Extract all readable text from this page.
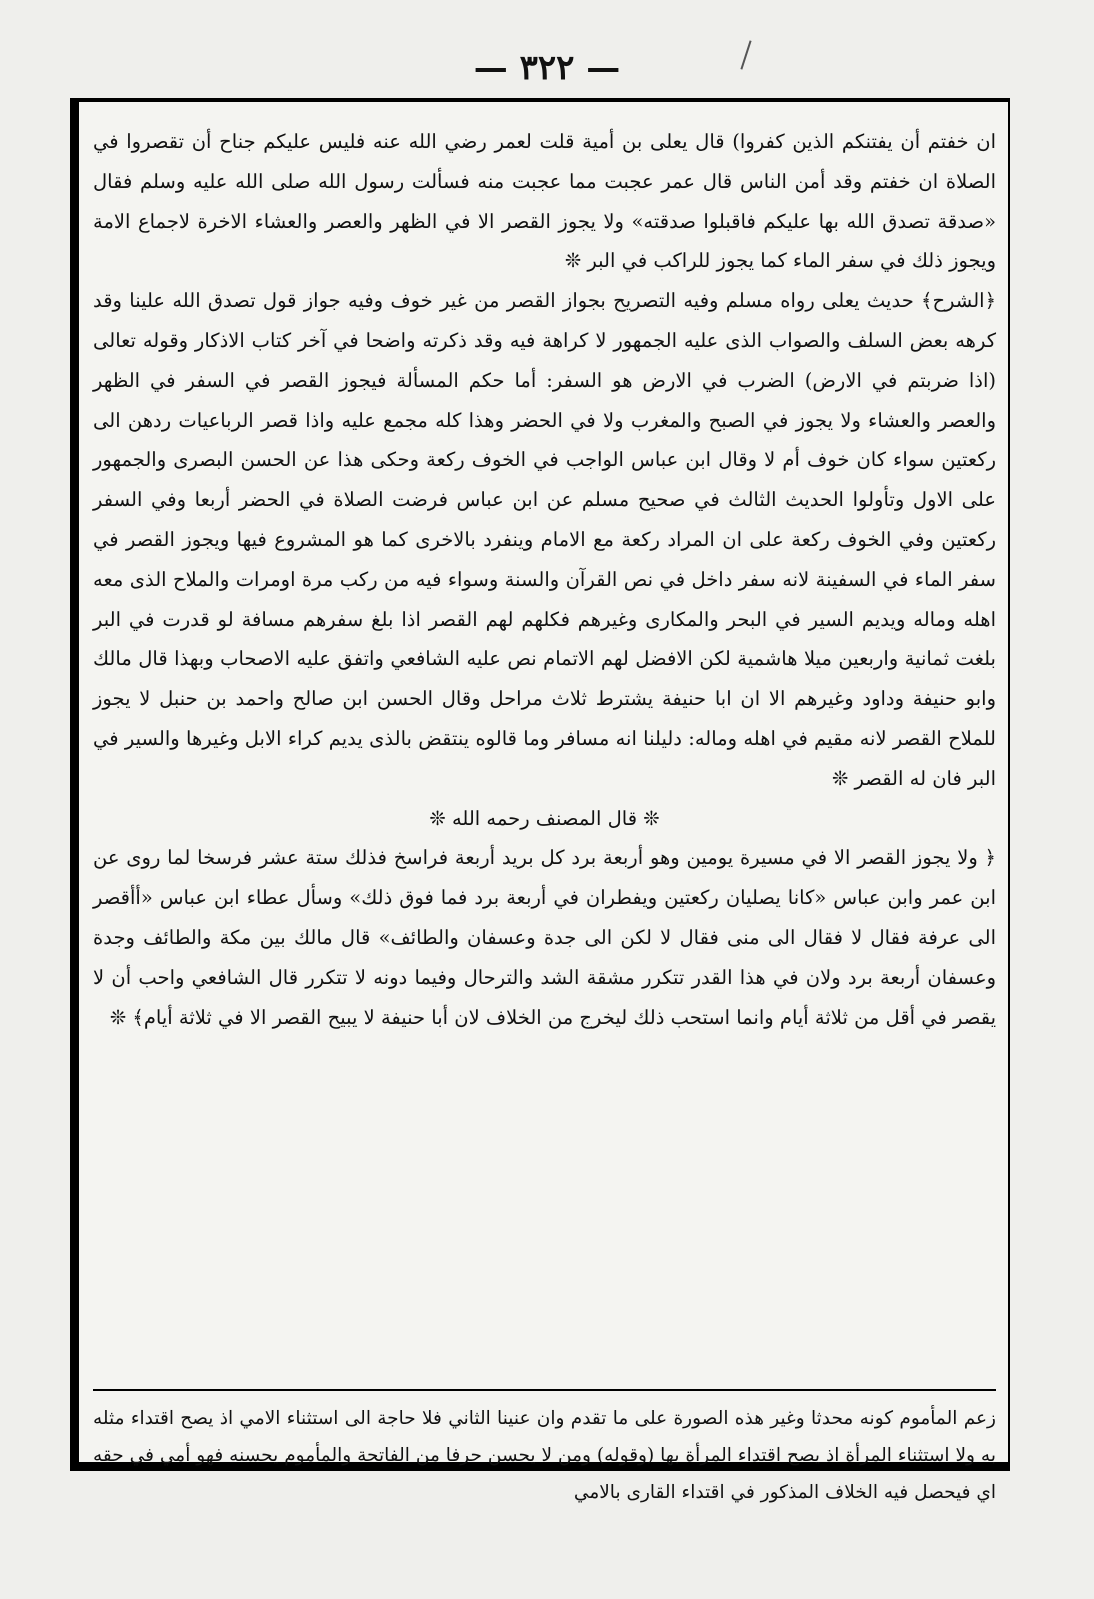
— ٣٢٢ —

ان خفتم أن يفتنكم الذين كفروا) قال يعلى بن أمية قلت لعمر رضي الله عنه فليس عليكم جناح أن تقصروا في الصلاة ان خفتم وقد أمن الناس قال عمر عجبت مما عجبت منه فسألت رسول الله صلى الله عليه وسلم فقال «صدقة تصدق الله بها عليكم فاقبلوا صدقته» ولا يجوز القصر الا في الظهر والعصر والعشاء الاخرة لاجماع الامة ويجوز ذلك في سفر الماء كما يجوز للراكب في البر ❊

﴿الشرح﴾ حديث يعلى رواه مسلم وفيه التصريح بجواز القصر من غير خوف وفيه جواز قول تصدق الله علينا وقد كرهه بعض السلف والصواب الذى عليه الجمهور لا كراهة فيه وقد ذكرته واضحا في آخر كتاب الاذكار وقوله تعالى (اذا ضربتم في الارض) الضرب في الارض هو السفر: أما حكم المسألة فيجوز القصر في السفر في الظهر والعصر والعشاء ولا يجوز في الصبح والمغرب ولا في الحضر وهذا كله مجمع عليه واذا قصر الرباعيات ردهن الى ركعتين سواء كان خوف أم لا وقال ابن عباس الواجب في الخوف ركعة وحكى هذا عن الحسن البصرى والجمهور على الاول وتأولوا الحديث الثالث في صحيح مسلم عن ابن عباس فرضت الصلاة في الحضر أربعا وفي السفر ركعتين وفي الخوف ركعة على ان المراد ركعة مع الامام وينفرد بالاخرى كما هو المشروع فيها ويجوز القصر في سفر الماء في السفينة لانه سفر داخل في نص القرآن والسنة وسواء فيه من ركب مرة اومرات والملاح الذى معه اهله وماله ويديم السير في البحر والمكارى وغيرهم فكلهم لهم القصر اذا بلغ سفرهم مسافة لو قدرت في البر بلغت ثمانية واربعين ميلا هاشمية لكن الافضل لهم الاتمام نص عليه الشافعي واتفق عليه الاصحاب وبهذا قال مالك وابو حنيفة وداود وغيرهم الا ان ابا حنيفة يشترط ثلاث مراحل وقال الحسن ابن صالح واحمد بن حنبل لا يجوز للملاح القصر لانه مقيم في اهله وماله: دليلنا انه مسافر وما قالوه ينتقض بالذى يديم كراء الابل وغيرها والسير في البر فان له القصر ❊

❊ قال المصنف رحمه الله ❊

﴿ ولا يجوز القصر الا في مسيرة يومين وهو أربعة برد كل بريد أربعة فراسخ فذلك ستة عشر فرسخا لما روى عن ابن عمر وابن عباس «كانا يصليان ركعتين ويفطران في أربعة برد فما فوق ذلك» وسأل عطاء ابن عباس «أأقصر الى عرفة فقال لا فقال الى منى فقال لا لكن الى جدة وعسفان والطائف» قال مالك بين مكة والطائف وجدة وعسفان أربعة برد ولان في هذا القدر تتكرر مشقة الشد والترحال وفيما دونه لا تتكرر قال الشافعي واحب أن لا يقصر في أقل من ثلاثة أيام وانما استحب ذلك ليخرج من الخلاف لان أبا حنيفة لا يبيح القصر الا في ثلاثة أيام﴾ ❊

زعم المأموم كونه محدثا وغير هذه الصورة على ما تقدم وان عنينا الثاني فلا حاجة الى استثناء الامي اذ يصح اقتداء مثله به ولا استثناء المرأة اذ يصح اقتداء المرأة بها (وقوله) ومن لا يحسن حرفا من الفاتحة والمأموم يحسنه فهو أمي في حقه اي فيحصل فيه الخلاف المذكور في اقتداء القارى بالامي
